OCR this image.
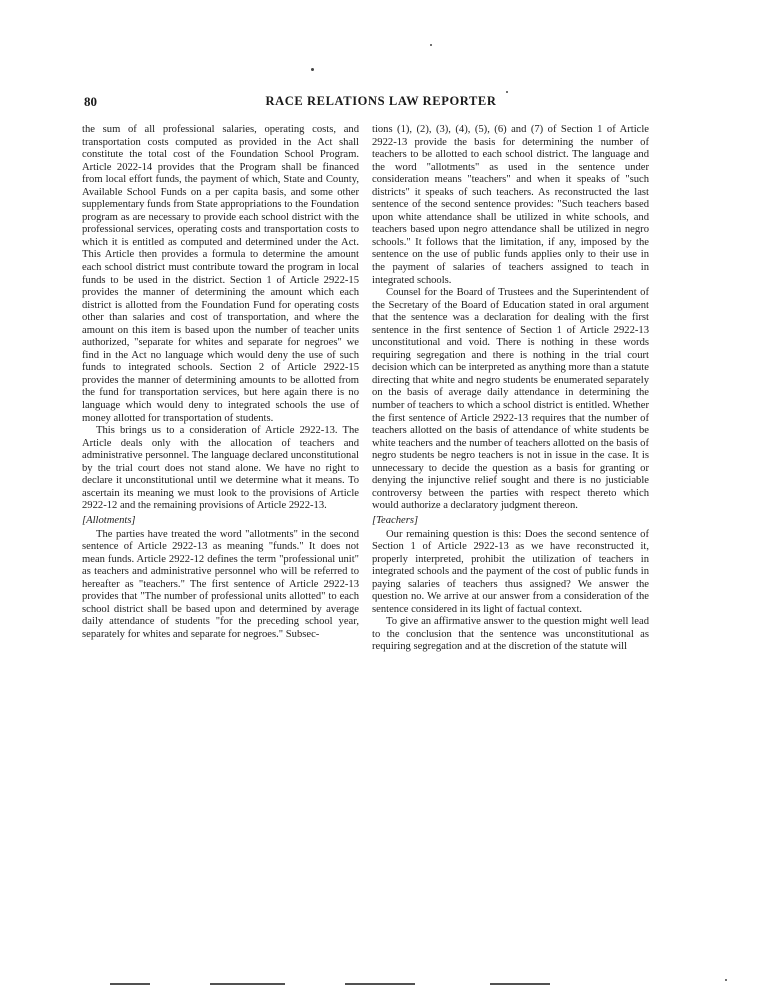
80	RACE RELATIONS LAW REPORTER

the sum of all professional salaries, operating costs, and transportation costs computed as provided in the Act shall constitute the total cost of the Foundation School Program. Article 2022-14 provides that the Program shall be financed from local effort funds, the payment of which, State and County, Available School Funds on a per capita basis, and some other supplementary funds from State appropriations to the Foundation program as are necessary to provide each school district with the professional services, operating costs and transportation costs to which it is entitled as computed and determined under the Act. This Article then provides a formula to determine the amount each school district must contribute toward the program in local funds to be used in the district. Section 1 of Article 2922-15 provides the manner of determining the amount which each district is allotted from the Foundation Fund for operating costs other than salaries and cost of transportation, and where the amount on this item is based upon the number of teacher units authorized, "separate for whites and separate for negroes" we find in the Act no language which would deny the use of such funds to integrated schools. Section 2 of Article 2922-15 provides the manner of determining amounts to be allotted from the fund for transportation services, but here again there is no language which would deny to integrated schools the use of money allotted for transportation of students.

This brings us to a consideration of Article 2922-13. The Article deals only with the allocation of teachers and administrative personnel. The language declared unconstitutional by the trial court does not stand alone. We have no right to declare it unconstitutional until we determine what it means. To ascertain its meaning we must look to the provisions of Article 2922-12 and the remaining provisions of Article 2922-13.

[Allotments]

The parties have treated the word "allotments" in the second sentence of Article 2922-13 as meaning "funds." It does not mean funds. Article 2922-12 defines the term "professional unit" as teachers and administrative personnel who will be referred to hereafter as "teachers." The first sentence of Article 2922-13 provides that "The number of professional units allotted" to each school district shall be based upon and determined by average daily attendance of students "for the preceding school year, separately for whites and separate for negroes." Subsec-

tions (1), (2), (3), (4), (5), (6) and (7) of Section 1 of Article 2922-13 provide the basis for determining the number of teachers to be allotted to each school district. The language and the word "allotments" as used in the sentence under consideration means "teachers" and when it speaks of "such districts" it speaks of such teachers. As reconstructed the last sentence of the second sentence provides: "Such teachers based upon white attendance shall be utilized in white schools, and teachers based upon negro attendance shall be utilized in negro schools." It follows that the limitation, if any, imposed by the sentence on the use of public funds applies only to their use in the payment of salaries of teachers assigned to teach in integrated schools.

Counsel for the Board of Trustees and the Superintendent of the Secretary of the Board of Education stated in oral argument that the sentence was a declaration for dealing with the first sentence in the first sentence of Section 1 of Article 2922-13 unconstitutional and void. There is nothing in these words requiring segregation and there is nothing in the trial court decision which can be interpreted as anything more than a statute directing that white and negro students be enumerated separately on the basis of average daily attendance in determining the number of teachers to which a school district is entitled. Whether the first sentence of Article 2922-13 requires that the number of teachers allotted on the basis of attendance of white students be white teachers and the number of teachers allotted on the basis of negro students be negro teachers is not in issue in the case. It is unnecessary to decide the question as a basis for granting or denying the injunctive relief sought and there is no justiciable controversy between the parties with respect thereto which would authorize a declaratory judgment thereon.

[Teachers]

Our remaining question is this: Does the second sentence of Section 1 of Article 2922-13 as we have reconstructed it, properly interpreted, prohibit the utilization of teachers in integrated schools and the payment of the cost of public funds in paying salaries of teachers thus assigned? We answer the question no. We arrive at our answer from a consideration of the sentence considered in its light of factual context.

To give an affirmative answer to the question might well lead to the conclusion that the sentence was unconstitutional as requiring segregation and at the discretion of the statute will
